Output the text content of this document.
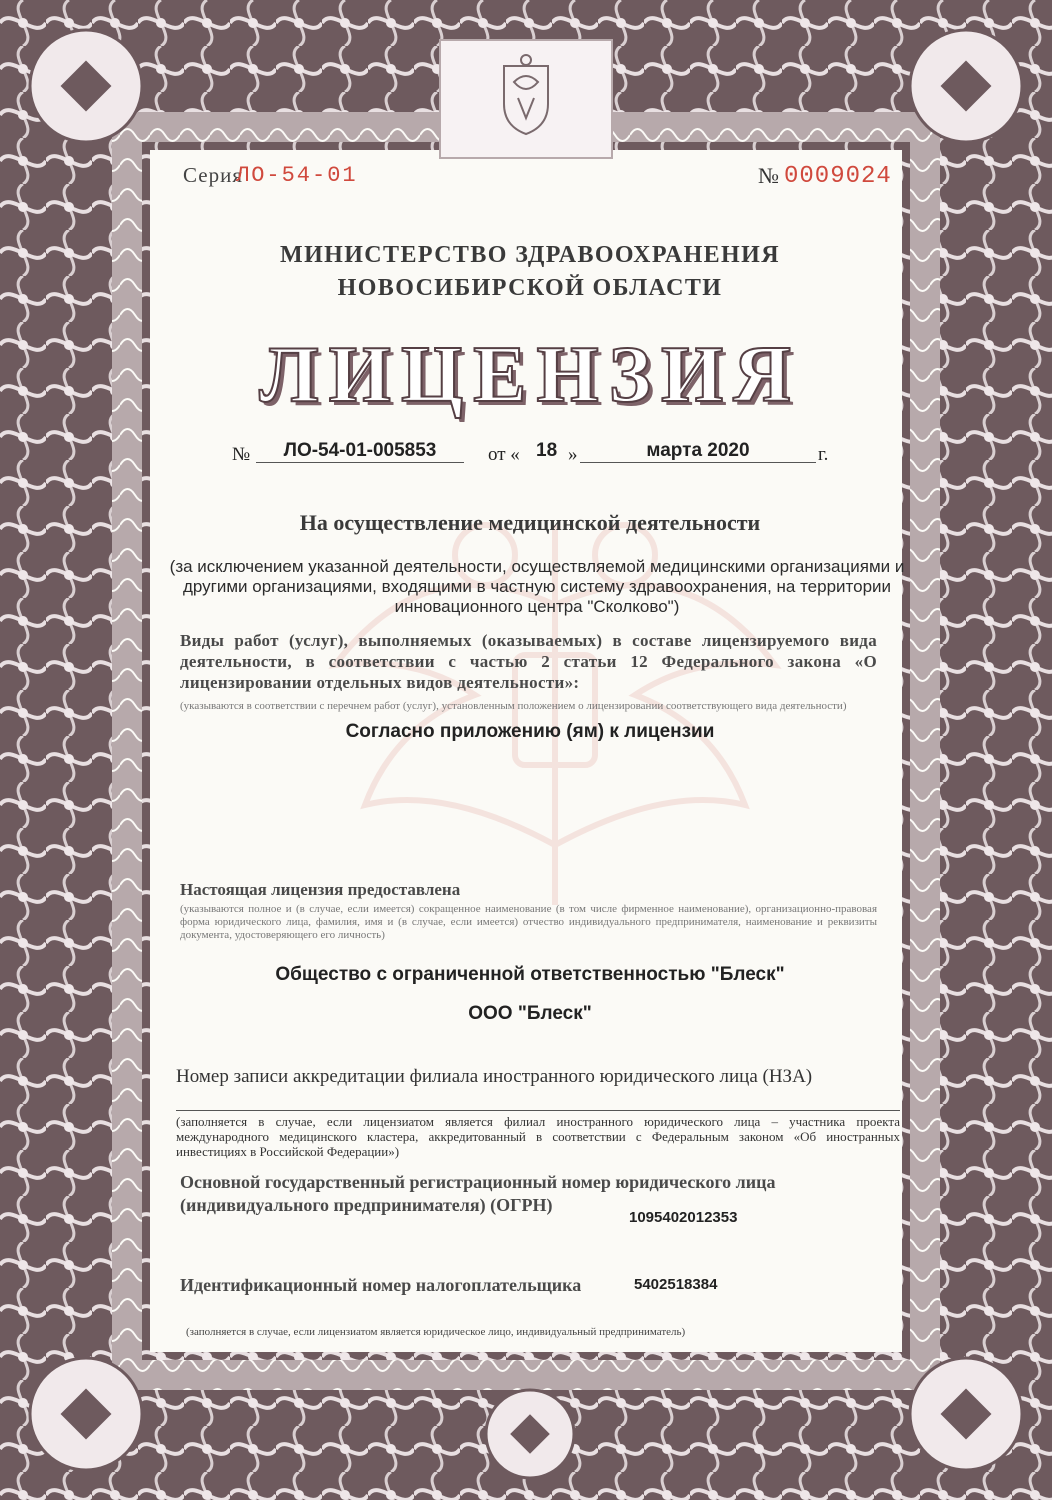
Серия
ЛО-54-01	№ 0009024
МИНИСТЕРСТВО ЗДРАВООХРАНЕНИЯ
НОВОСИБИРСКОЙ ОБЛАСТИ
ЛИЦЕНЗИЯ
№	ЛО-54-01-005853	от « 18 »	марта 2020	г.
На осуществление медицинской деятельности
(за исключением указанной деятельности, осуществляемой медицинскими организациями и другими организациями, входящими в частную систему здравоохранения, на территории инновационного центра "Сколково")
Виды работ (услуг), выполняемых (оказываемых) в составе лицензируемого вида деятельности, в соответствии с частью 2 статьи 12 Федерального закона «О лицензировании отдельных видов деятельности»:
(указываются в соответствии с перечнем работ (услуг), установленным положением о лицензировании соответствующего вида деятельности)
Согласно приложению (ям) к лицензии
Настоящая лицензия предоставлена
(указываются полное и (в случае, если имеется) сокращенное наименование (в том числе фирменное наименование), организационно-правовая форма юридического лица, фамилия, имя и (в случае, если имеется) отчество индивидуального предпринимателя, наименование и реквизиты документа, удостоверяющего его личность)
Общество с ограниченной ответственностью "Блеск"
ООО "Блеск"
Номер записи аккредитации филиала иностранного юридического лица (НЗА)
(заполняется в случае, если лицензиатом является филиал иностранного юридического лица – участника проекта международного медицинского кластера, аккредитованный в соответствии с Федеральным законом «Об иностранных инвестициях в Российской Федерации»)
Основной государственный регистрационный номер юридического лица (индивидуального предпринимателя) (ОГРН)
1095402012353
Идентификационный номер налогоплательщика	5402518384
(заполняется в случае, если лицензиатом является юридическое лицо, индивидуальный предприниматель)
